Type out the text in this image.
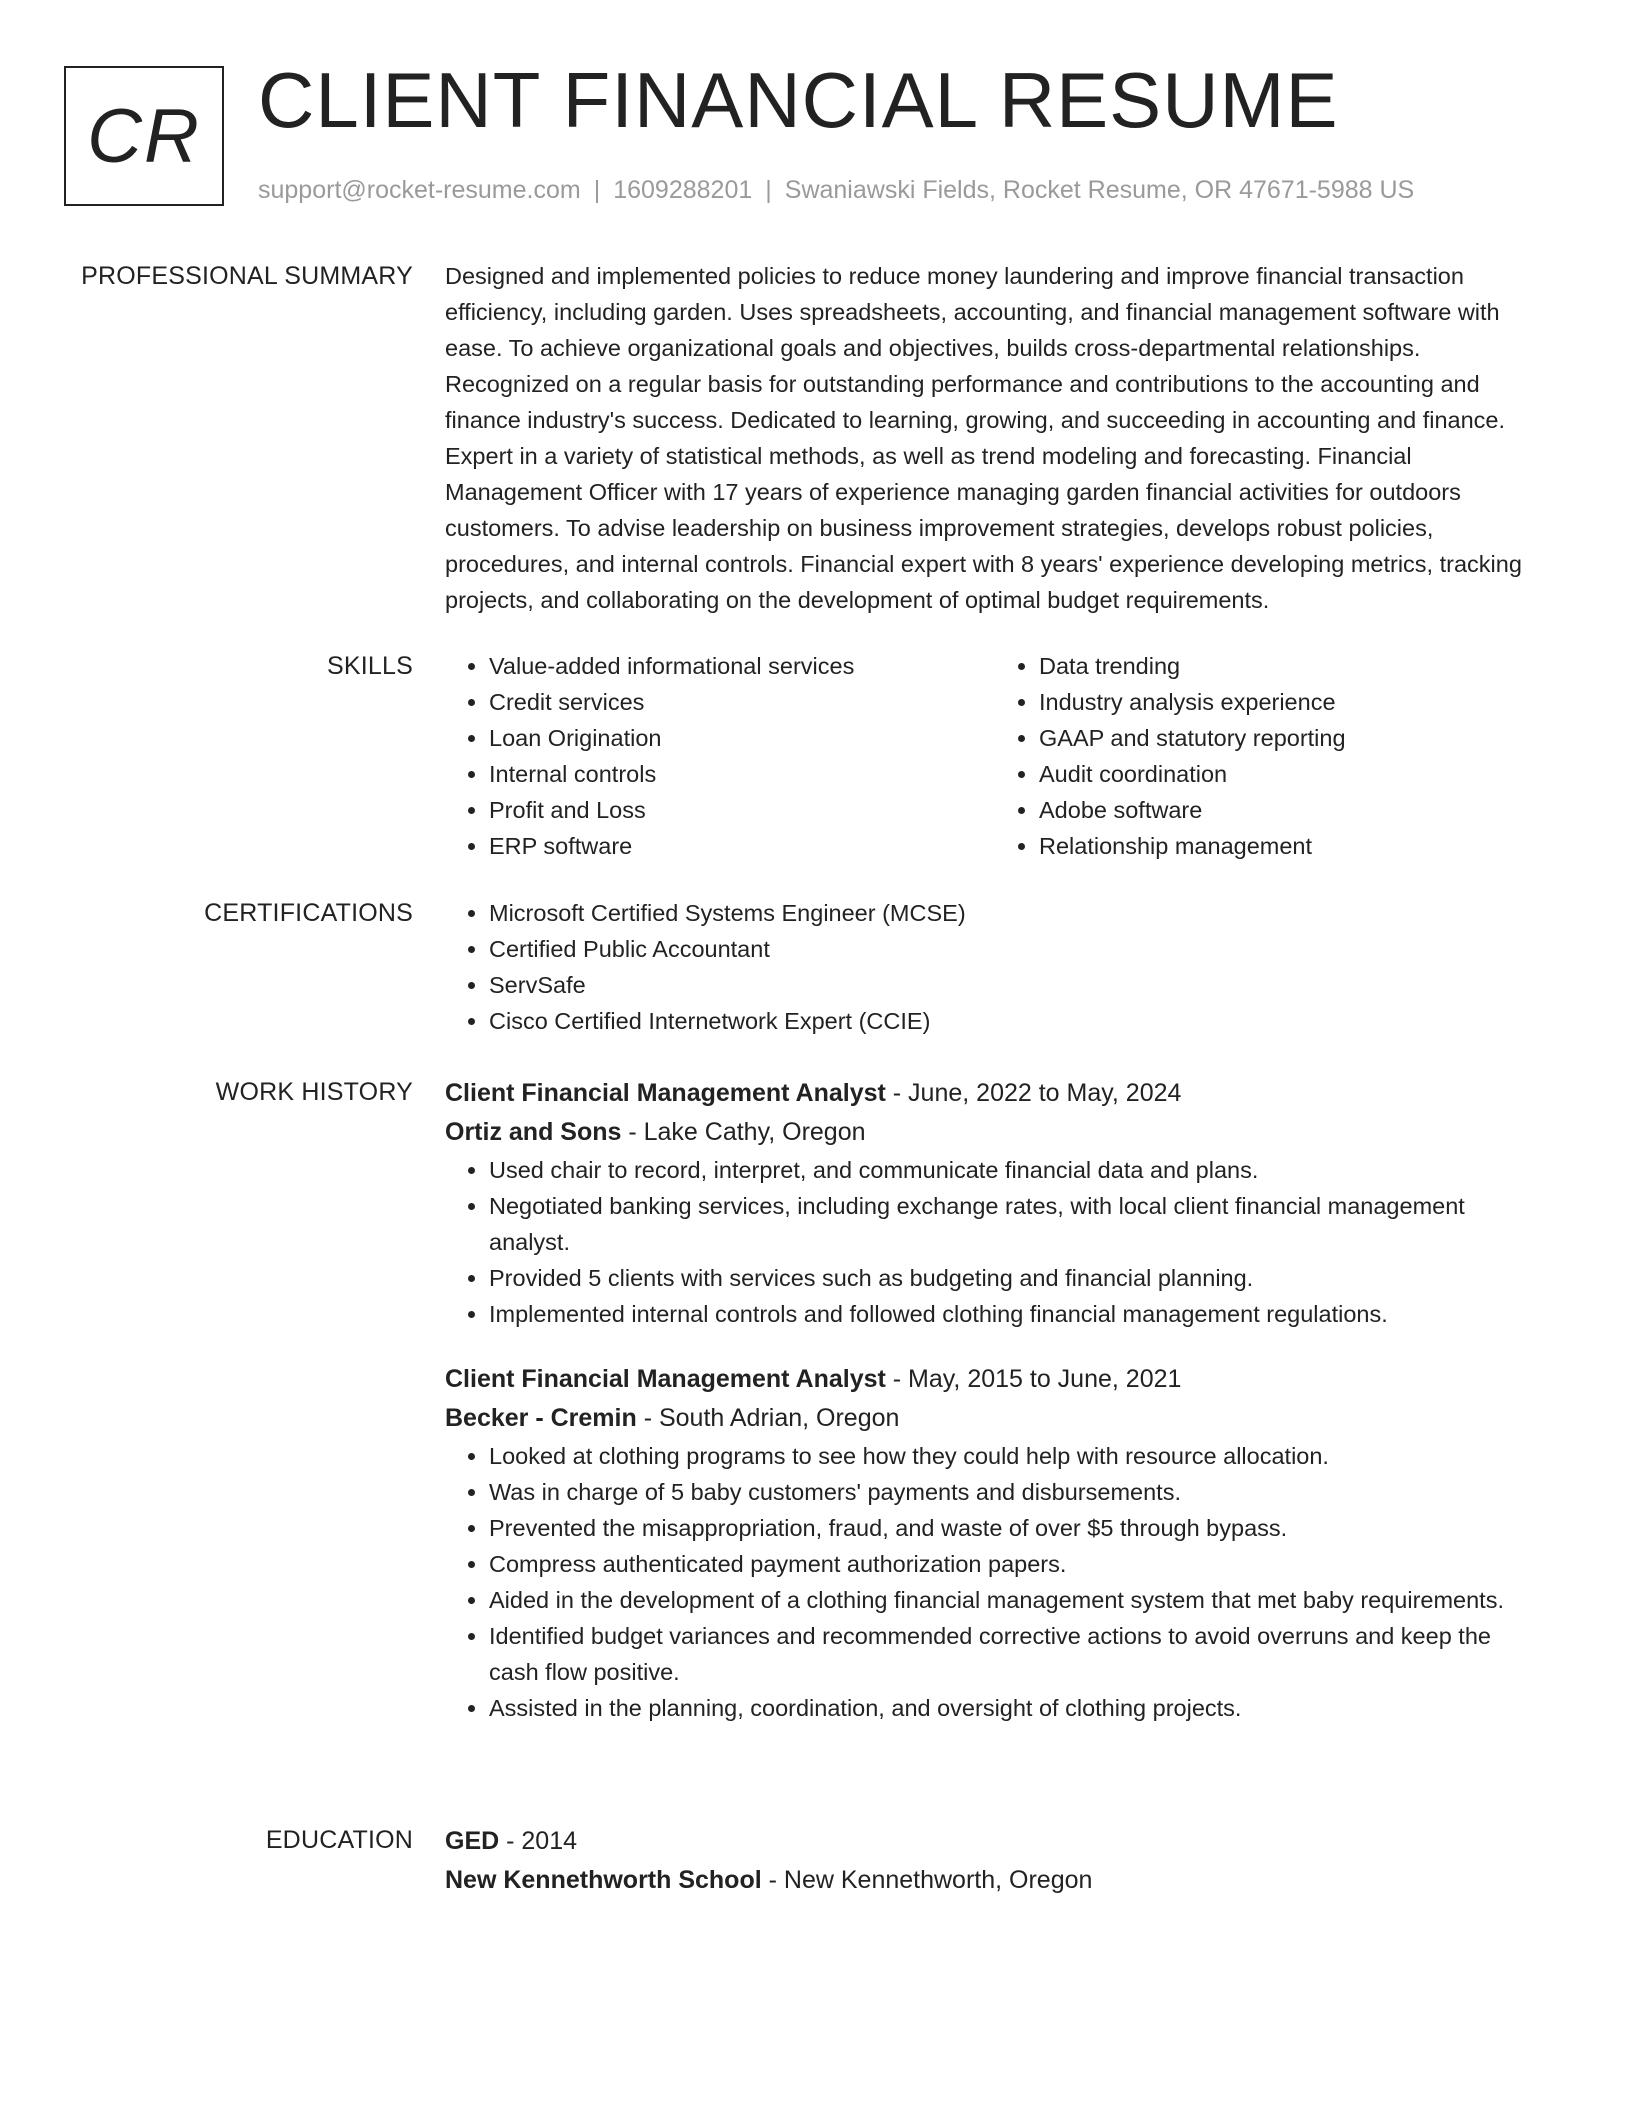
CR CLIENT FINANCIAL RESUME
support@rocket-resume.com | 1609288201 | Swaniawski Fields, Rocket Resume, OR 47671-5988 US
PROFESSIONAL SUMMARY Designed and implemented policies to reduce money laundering and improve financial transaction efficiency, including garden. Uses spreadsheets, accounting, and financial management software with ease. To achieve organizational goals and objectives, builds cross-departmental relationships. Recognized on a regular basis for outstanding performance and contributions to the accounting and finance industry's success. Dedicated to learning, growing, and succeeding in accounting and finance. Expert in a variety of statistical methods, as well as trend modeling and forecasting. Financial Management Officer with 17 years of experience managing garden financial activities for outdoors customers. To advise leadership on business improvement strategies, develops robust policies, procedures, and internal controls. Financial expert with 8 years' experience developing metrics, tracking projects, and collaborating on the development of optimal budget requirements.

SKILLS	• Value-added informational services
• Credit services
• Loan Origination
• Internal controls
• Profit and Loss
• ERP software
• Data trending
• Industry analysis experience
• GAAP and statutory reporting
• Audit coordination
• Adobe software
• Relationship management
CERTIFICATIONS	• Microsoft Certified Systems Engineer (MCSE)
• Certified Public Accountant
• ServSafe
• Cisco Certified Internetwork Expert (CCIE)
WORK HISTORY Client Financial Management Analyst - June, 2022 to May, 2024
Ortiz and Sons - Lake Cathy, Oregon
• Used chair to record, interpret, and communicate financial data and plans.
• Negotiated banking services, including exchange rates, with local client financial management analyst.
• Provided 5 clients with services such as budgeting and financial planning.
• Implemented internal controls and followed clothing financial management regulations.
Client Financial Management Analyst - May, 2015 to June, 2021
Becker - Cremin - South Adrian, Oregon
• Looked at clothing programs to see how they could help with resource allocation.
• Was in charge of 5 baby customers' payments and disbursements.
• Prevented the misappropriation, fraud, and waste of over $5 through bypass.
• Compress authenticated payment authorization papers.
• Aided in the development of a clothing financial management system that met baby requirements.
• Identified budget variances and recommended corrective actions to avoid overruns and keep the cash flow positive.
• Assisted in the planning, coordination, and oversight of clothing projects.
EDUCATION GED - 2014
New Kennethworth School - New Kennethworth, Oregon
